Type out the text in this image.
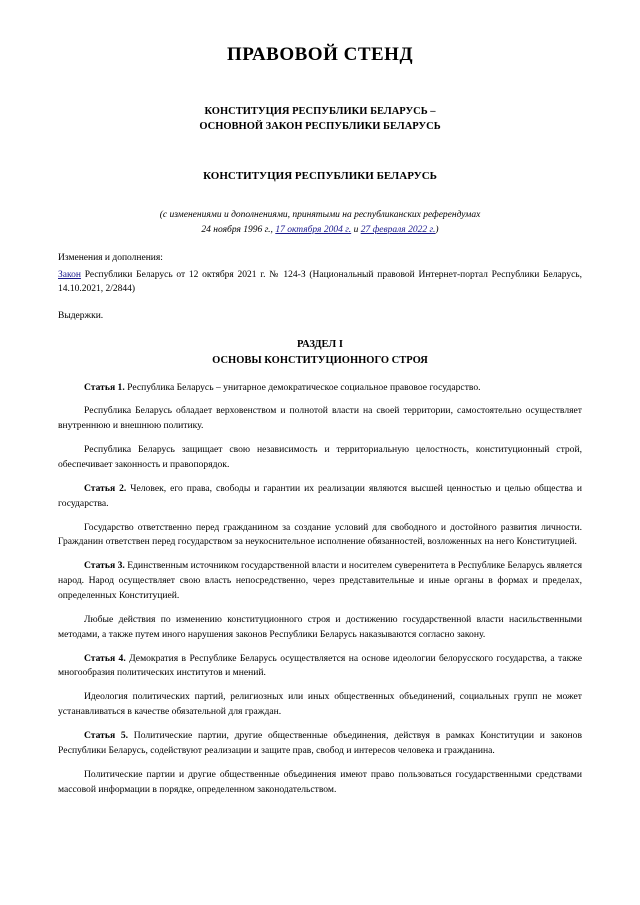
ПРАВОВОЙ СТЕНД
КОНСТИТУЦИЯ РЕСПУБЛИКИ БЕЛАРУСЬ –
ОСНОВНОЙ ЗАКОН РЕСПУБЛИКИ БЕЛАРУСЬ
КОНСТИТУЦИЯ РЕСПУБЛИКИ БЕЛАРУСЬ
(с изменениями и дополнениями, принятыми на республиканских референдумах
24 ноября 1996 г., 17 октября 2004 г. и 27 февраля 2022 г.)
Изменения и дополнения:
Закон Республики Беларусь от 12 октября 2021 г. № 124-З (Национальный правовой Интернет-портал Республики Беларусь, 14.10.2021, 2/2844)
Выдержки.
РАЗДЕЛ I
ОСНОВЫ КОНСТИТУЦИОННОГО СТРОЯ

Статья 1. Республика Беларусь – унитарное демократическое социальное правовое государство.

Республика Беларусь обладает верховенством и полнотой власти на своей территории, самостоятельно осуществляет внутреннюю и внешнюю политику.

Республика Беларусь защищает свою независимость и территориальную целостность, конституционный строй, обеспечивает законность и правопорядок.

Статья 2. Человек, его права, свободы и гарантии их реализации являются высшей ценностью и целью общества и государства.

Государство ответственно перед гражданином за создание условий для свободного и достойного развития личности. Гражданин ответствен перед государством за неукоснительное исполнение обязанностей, возложенных на него Конституцией.

Статья 3. Единственным источником государственной власти и носителем суверенитета в Республике Беларусь является народ. Народ осуществляет свою власть непосредственно, через представительные и иные органы в формах и пределах, определенных Конституцией.

Любые действия по изменению конституционного строя и достижению государственной власти насильственными методами, а также путем иного нарушения законов Республики Беларусь наказываются согласно закону.

Статья 4. Демократия в Республике Беларусь осуществляется на основе идеологии белорусского государства, а также многообразия политических институтов и мнений.

Идеология политических партий, религиозных или иных общественных объединений, социальных групп не может устанавливаться в качестве обязательной для граждан.

Статья 5. Политические партии, другие общественные объединения, действуя в рамках Конституции и законов Республики Беларусь, содействуют реализации и защите прав, свобод и интересов человека и гражданина.

Политические партии и другие общественные объединения имеют право пользоваться государственными средствами массовой информации в порядке, определенном законодательством.
